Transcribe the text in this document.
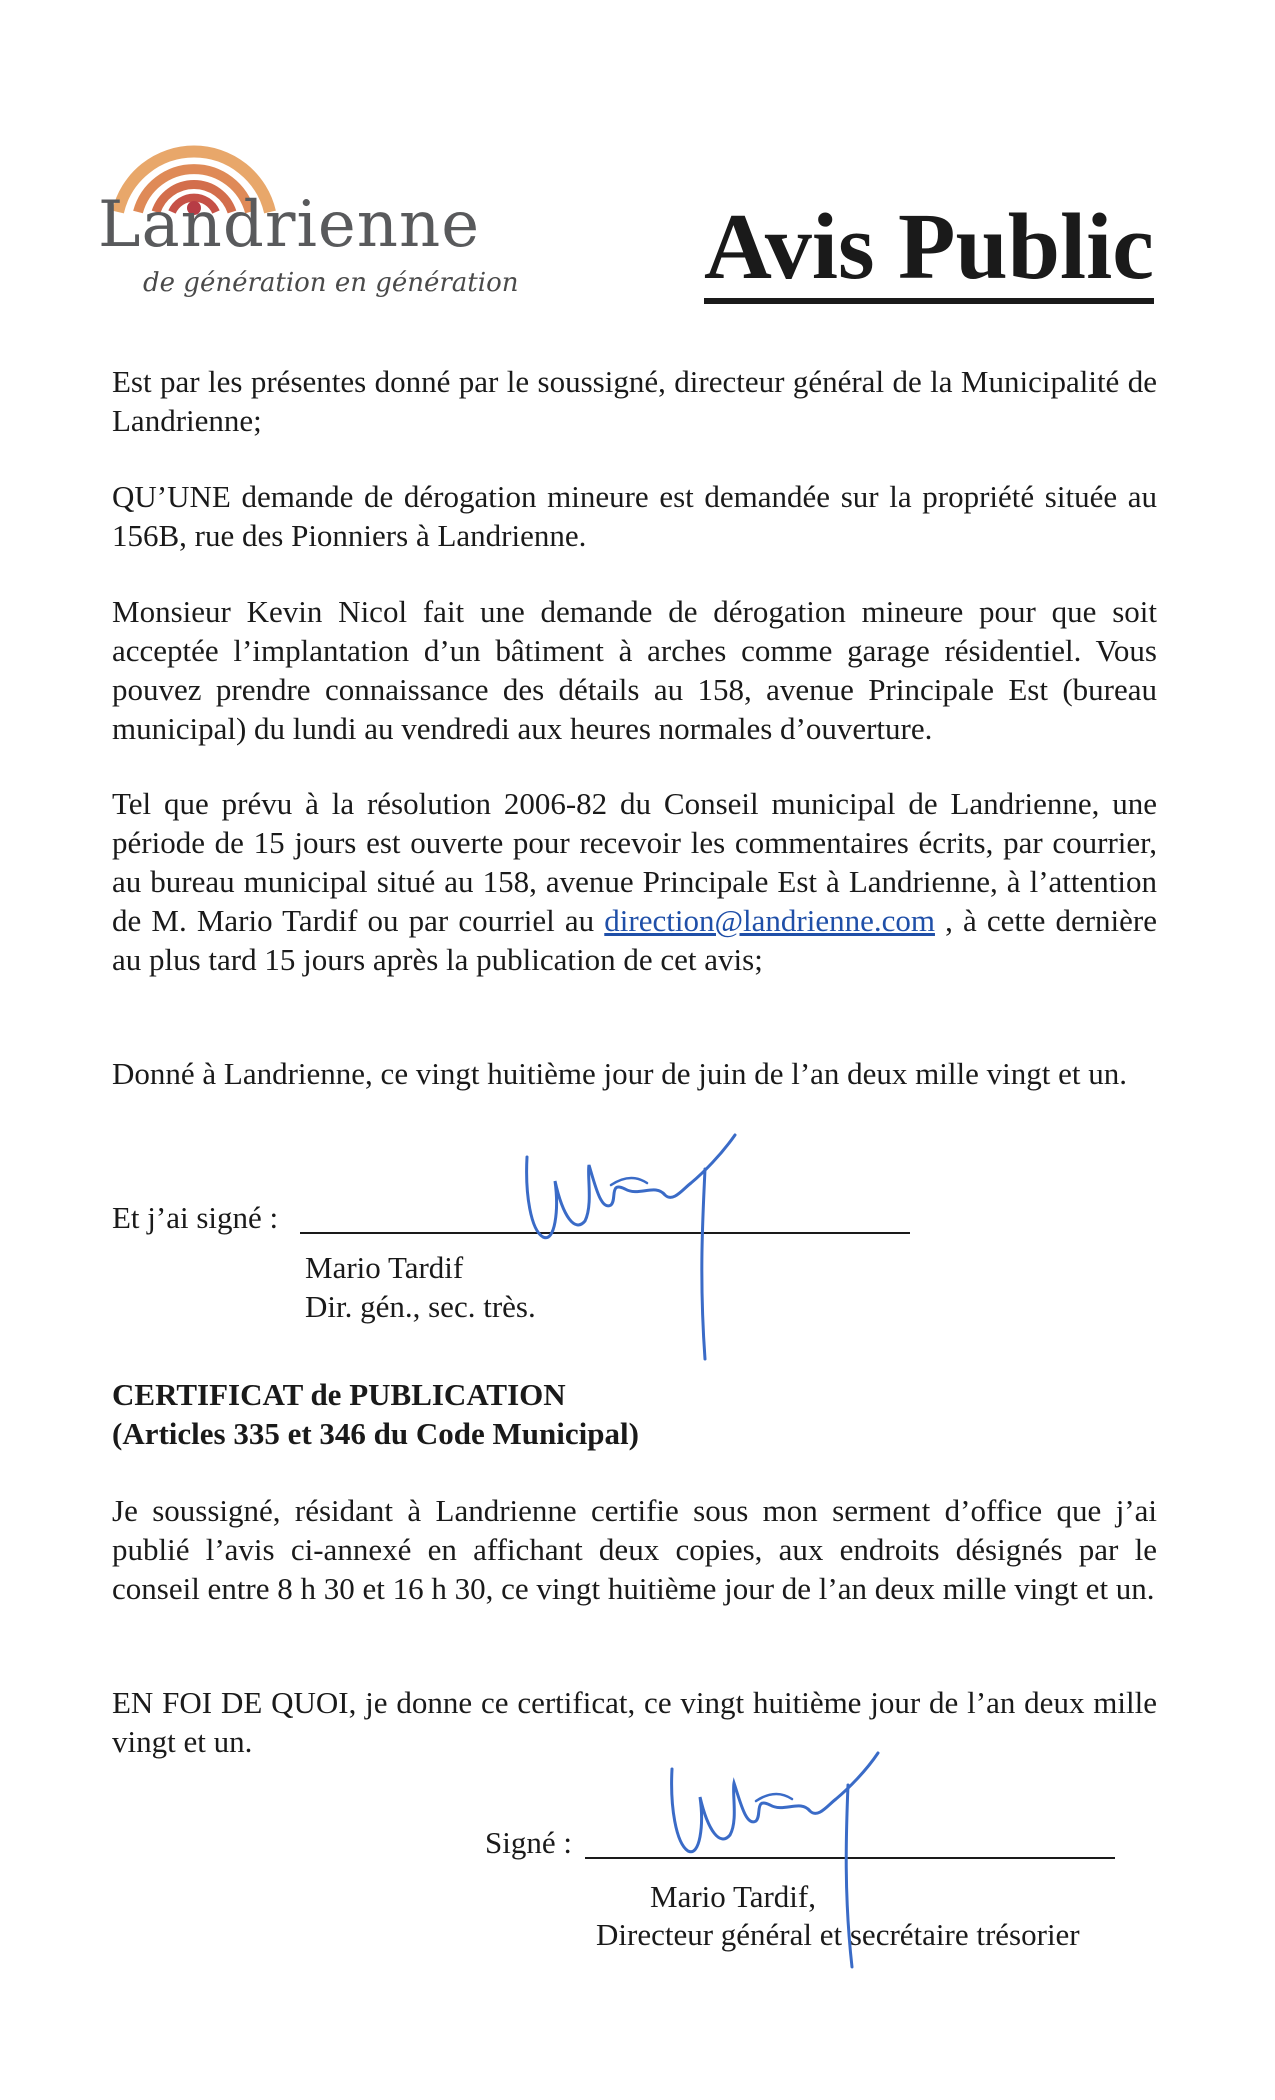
Landrienne
de génération en génération Avis Public
Est par les présentes donné par le soussigné, directeur général de la Municipalité de Landrienne;
QU’UNE demande de dérogation mineure est demandée sur la propriété située au 156B, rue des Pionniers à Landrienne.
Monsieur Kevin Nicol fait une demande de dérogation mineure pour que soit acceptée l’implantation d’un bâtiment à arches comme garage résidentiel. Vous pouvez prendre connaissance des détails au 158, avenue Principale Est (bureau municipal) du lundi au vendredi aux heures normales d’ouverture.
Tel que prévu à la résolution 2006-82 du Conseil municipal de Landrienne, une période de 15 jours est ouverte pour recevoir les commentaires écrits, par courrier, au bureau municipal situé au 158, avenue Principale Est à Landrienne, à l’attention de M. Mario Tardif ou par courriel au direction@landrienne.com , à cette dernière au plus tard 15 jours après la publication de cet avis;
Donné à Landrienne, ce vingt huitième jour de juin de l’an deux mille vingt et un.
Et j’ai signé :
Mario Tardif
Dir. gén., sec. très.
CERTIFICAT de PUBLICATION
(Articles 335 et 346 du Code Municipal)
Je soussigné, résidant à Landrienne certifie sous mon serment d’office que j’ai publié l’avis ci-annexé en affichant deux copies, aux endroits désignés par le conseil entre 8 h 30 et 16 h 30, ce vingt huitième jour de l’an deux mille vingt et un.
EN FOI DE QUOI, je donne ce certificat, ce vingt huitième jour de l’an deux mille vingt et un.
Signé :
Mario Tardif,
Directeur général et secrétaire trésorier
